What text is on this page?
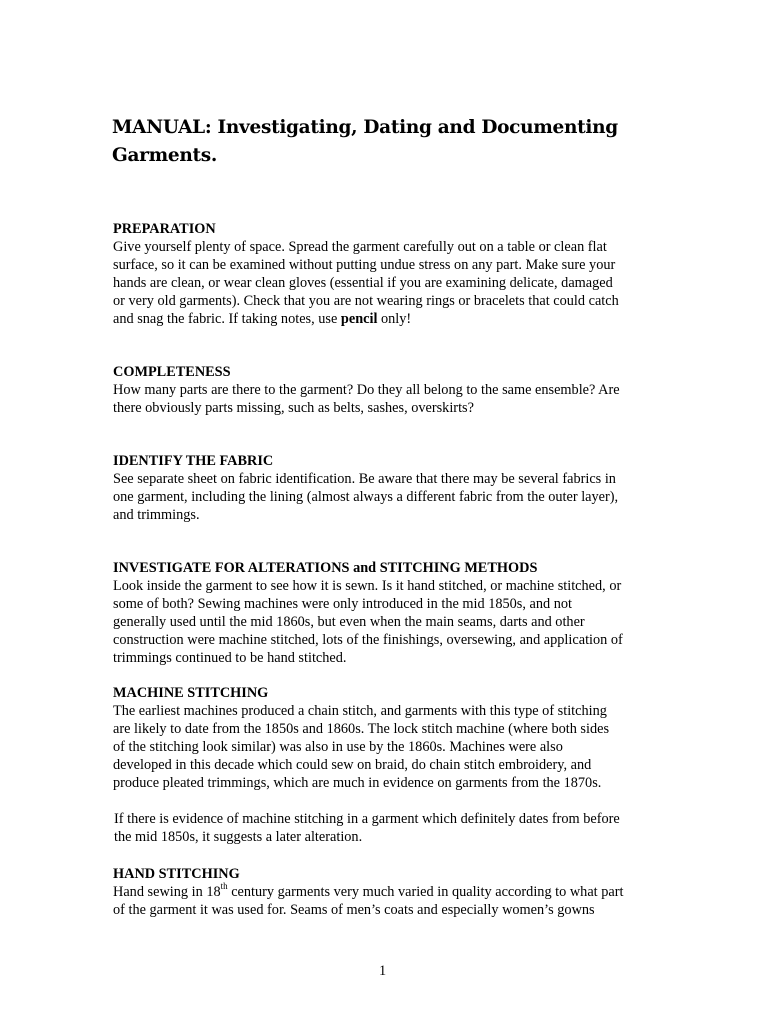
MANUAL: Investigating, Dating and Documenting
Garments.

PREPARATION

Give yourself plenty of space. Spread the garment carefully out on a table or clean flat
surface, so it can be examined without putting undue stress on any part. Make sure your
hands are clean, or wear clean gloves (essential if you are examining delicate, damaged
or very old garments). Check that you are not wearing rings or bracelets that could catch
and snag the fabric. If taking notes, use pencil only!

COMPLETENESS

How many parts are there to the garment? Do they all belong to the same ensemble? Are
there obviously parts missing, such as belts, sashes, overskirts?

IDENTIFY THE FABRIC

See separate sheet on fabric identification. Be aware that there may be several fabrics in
one garment, including the lining (almost always a different fabric from the outer layer),
and trimmings.

INVESTIGATE FOR ALTERATIONS and STITCHING METHODS

Look inside the garment to see how it is sewn. Is it hand stitched, or machine stitched, or
some of both? Sewing machines were only introduced in the mid 1850s, and not
generally used until the mid 1860s, but even when the main seams, darts and other
construction were machine stitched, lots of the finishings, oversewing, and application of
trimmings continued to be hand stitched.

MACHINE STITCHING

The earliest machines produced a chain stitch, and garments with this type of stitching
are likely to date from the 1850s and 1860s. The lock stitch machine (where both sides
of the stitching look similar) was also in use by the 1860s. Machines were also
developed in this decade which could sew on braid, do chain stitch embroidery, and
produce pleated trimmings, which are much in evidence on garments from the 1870s.

If there is evidence of machine stitching in a garment which definitely dates from before
the mid 1850s, it suggests a later alteration.

HAND STITCHING

Hand sewing in 18th century garments very much varied in quality according to what part
of the garment it was used for. Seams of men’s coats and especially women’s gowns

1
